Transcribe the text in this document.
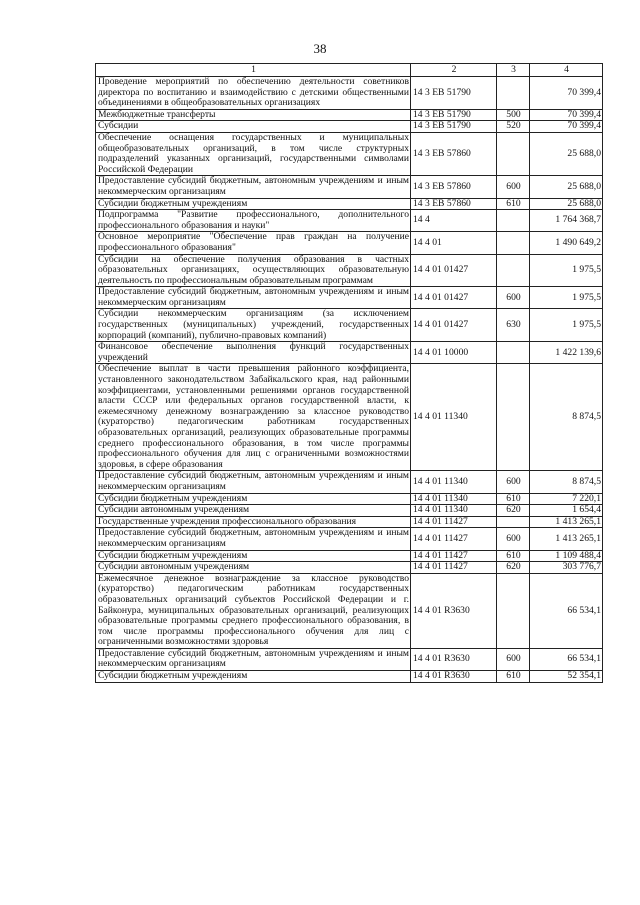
38
1	2	3	4
Проведение мероприятий по обеспечению деятельности советников директора по воспитанию и взаимодействию с детскими общественными объединениями в общеобразовательных организациях	14 3 ЕВ 51790		70 399,4
Межбюджетные трансферты	14 3 ЕВ 51790	500	70 399,4
Субсидии	14 3 ЕВ 51790	520	70 399,4
Обеспечение оснащения государственных и муниципальных общеобразовательных организаций, в том числе структурных подразделений указанных организаций, государственными символами Российской Федерации	14 3 ЕВ 57860		25 688,0
Предоставление субсидий бюджетным, автономным учреждениям и иным некоммерческим организациям	14 3 ЕВ 57860	600	25 688,0
Субсидии бюджетным учреждениям	14 3 ЕВ 57860	610	25 688,0
Подпрограмма "Развитие профессионального, дополнительного профессионального образования и науки"	14 4		1 764 368,7
Основное мероприятие "Обеспечение прав граждан на получение профессионального образования"	14 4 01		1 490 649,2
Субсидии на обеспечение получения образования в частных образовательных организациях, осуществляющих образовательную деятельность по профессиональным образовательным программам	14 4 01 01427		1 975,5
Предоставление субсидий бюджетным, автономным учреждениям и иным некоммерческим организациям	14 4 01 01427	600	1 975,5
Субсидии некоммерческим организациям (за исключением государственных (муниципальных) учреждений, государственных корпораций (компаний), публично-правовых компаний)	14 4 01 01427	630	1 975,5
Финансовое обеспечение выполнения функций государственных учреждений	14 4 01 10000		1 422 139,6
Обеспечение выплат в части превышения районного коэффициента, установленного законодательством Забайкальского края, над районными коэффициентами, установленными решениями органов государственной власти СССР или федеральных органов государственной власти, к ежемесячному денежному вознаграждению за классное руководство (кураторство) педагогическим работникам государственных образовательных организаций, реализующих образовательные программы среднего профессионального образования, в том числе программы профессионального обучения для лиц с ограниченными возможностями здоровья, в сфере образования	14 4 01 11340		8 874,5
Предоставление субсидий бюджетным, автономным учреждениям и иным некоммерческим организациям	14 4 01 11340	600	8 874,5
Субсидии бюджетным учреждениям	14 4 01 11340	610	7 220,1
Субсидии автономным учреждениям	14 4 01 11340	620	1 654,4
Государственные учреждения профессионального образования	14 4 01 11427		1 413 265,1
Предоставление субсидий бюджетным, автономным учреждениям и иным некоммерческим организациям	14 4 01 11427	600	1 413 265,1
Субсидии бюджетным учреждениям	14 4 01 11427	610	1 109 488,4
Субсидии автономным учреждениям	14 4 01 11427	620	303 776,7
Ежемесячное денежное вознаграждение за классное руководство (кураторство) педагогическим работникам государственных образовательных организаций субъектов Российской Федерации и г. Байконура, муниципальных образовательных организаций, реализующих образовательные программы среднего профессионального образования, в том числе программы профессионального обучения для лиц с ограниченными возможностями здоровья	14 4 01 R3630		66 534,1
Предоставление субсидий бюджетным, автономным учреждениям и иным некоммерческим организациям	14 4 01 R3630	600	66 534,1
Субсидии бюджетным учреждениям	14 4 01 R3630	610	52 354,1
